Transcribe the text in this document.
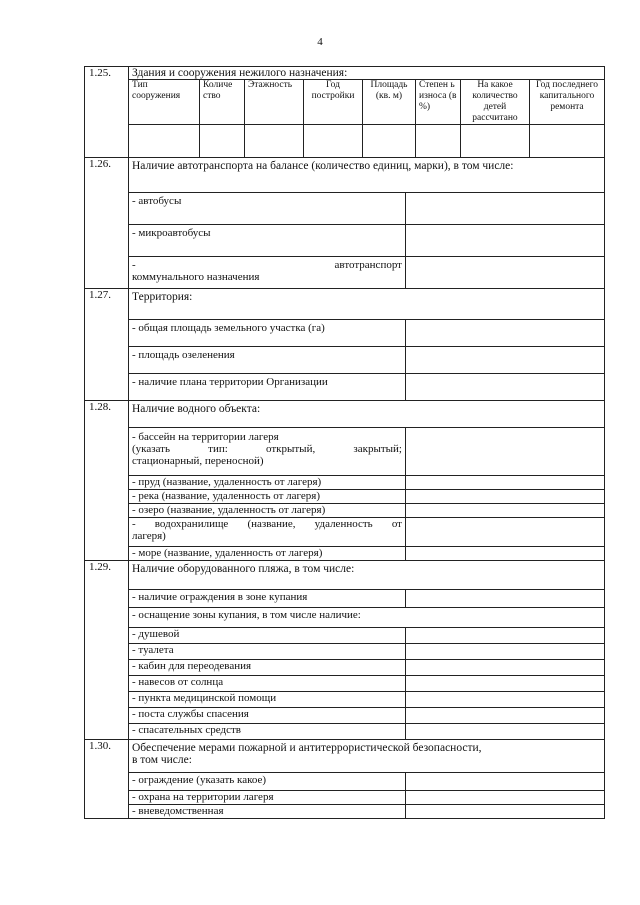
4
1.25.	Здания и сооружения нежилого назначения:							
	Тип сооружения	Количе ство	Этажность	Год постройки	Площадь (кв. м)	Степен ь износа (в %)	На какое количество детей рассчитано	Год последнего капитального ремонта

1.26.	Наличие автотранспорта на балансе (количество единиц, марки), в том числе:	
	- автобусы	
	- микроавтобусы	

	- автотранспорт
коммунального назначения	

1.27.	Территория:	
	- общая площадь земельного участка (га)	
	- площадь озеленения	
	- наличие плана территории Организации	
1.28.	Наличие водного объекта:	

	- бассейн на территории лагеря
(указать тип: открытый, закрытый;
стационарный, переносной)	

	- пруд (название, удаленность от лагеря)	
	- река (название, удаленность от лагеря)	
	- озеро (название, удаленность от лагеря)	

	- водохранилище (название, удаленность от
лагеря)	

	- море (название, удаленность от лагеря)	
1.29.	Наличие оборудованного пляжа, в том числе:	
	- наличие ограждения в зоне купания	
	- оснащение зоны купания, в том числе наличие:	
	- душевой	
	- туалета	
	- кабин для переодевания	
	- навесов от солнца	
	- пункта медицинской помощи	
	- поста службы спасения	
	- спасательных средств	
1.30.	Обеспечение мерами пожарной и антитеррористической безопасности,
в том числе:	

	- ограждение (указать какое)	
	- охрана на территории лагеря	
	- вневедомственная	
